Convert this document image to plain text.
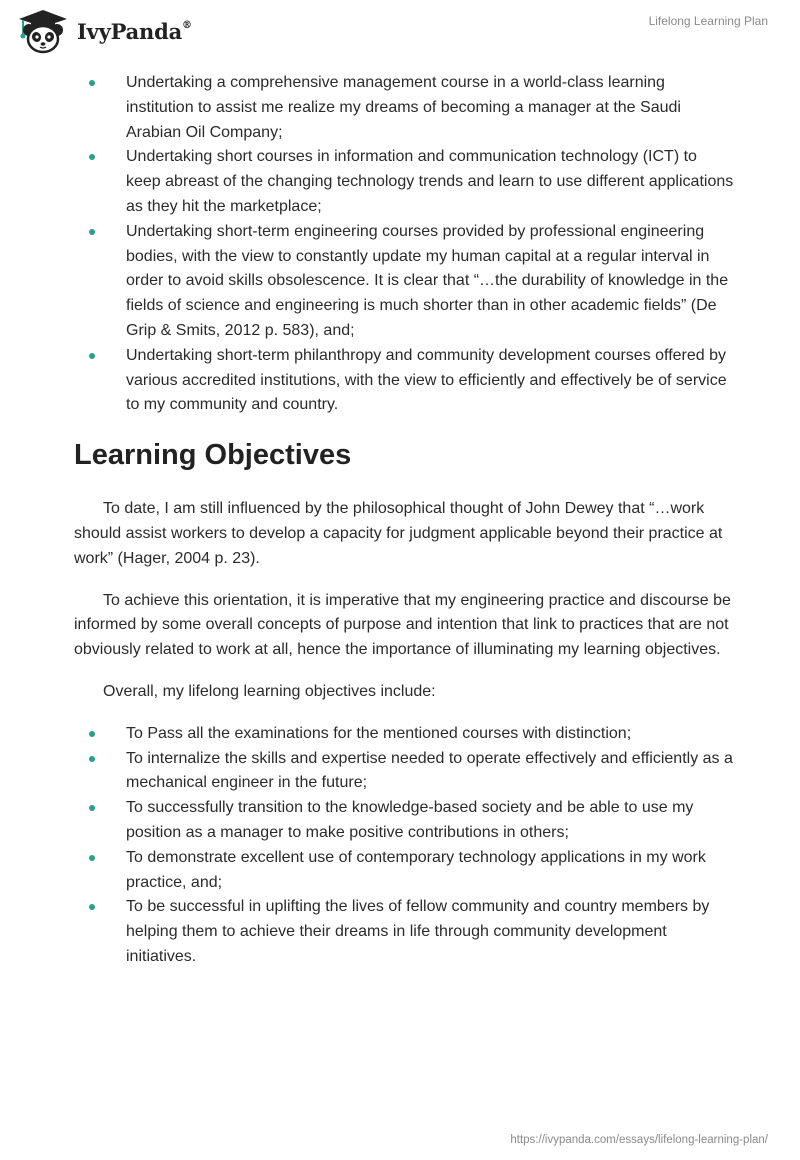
IvyPanda®	Lifelong Learning Plan
Undertaking a comprehensive management course in a world-class learning institution to assist me realize my dreams of becoming a manager at the Saudi Arabian Oil Company;
Undertaking short courses in information and communication technology (ICT) to keep abreast of the changing technology trends and learn to use different applications as they hit the marketplace;
Undertaking short-term engineering courses provided by professional engineering bodies, with the view to constantly update my human capital at a regular interval in order to avoid skills obsolescence. It is clear that “…the durability of knowledge in the fields of science and engineering is much shorter than in other academic fields” (De Grip & Smits, 2012 p. 583), and;
Undertaking short-term philanthropy and community development courses offered by various accredited institutions, with the view to efficiently and effectively be of service to my community and country.
Learning Objectives

To date, I am still influenced by the philosophical thought of John Dewey that “…work should assist workers to develop a capacity for judgment applicable beyond their practice at work” (Hager, 2004 p. 23).

To achieve this orientation, it is imperative that my engineering practice and discourse be informed by some overall concepts of purpose and intention that link to practices that are not obviously related to work at all, hence the importance of illuminating my learning objectives.

Overall, my lifelong learning objectives include:

To Pass all the examinations for the mentioned courses with distinction;
To internalize the skills and expertise needed to operate effectively and efficiently as a mechanical engineer in the future;
To successfully transition to the knowledge-based society and be able to use my position as a manager to make positive contributions in others;
To demonstrate excellent use of contemporary technology applications in my work practice, and;
To be successful in uplifting the lives of fellow community and country members by helping them to achieve their dreams in life through community development initiatives.
https://ivypanda.com/essays/lifelong-learning-plan/
